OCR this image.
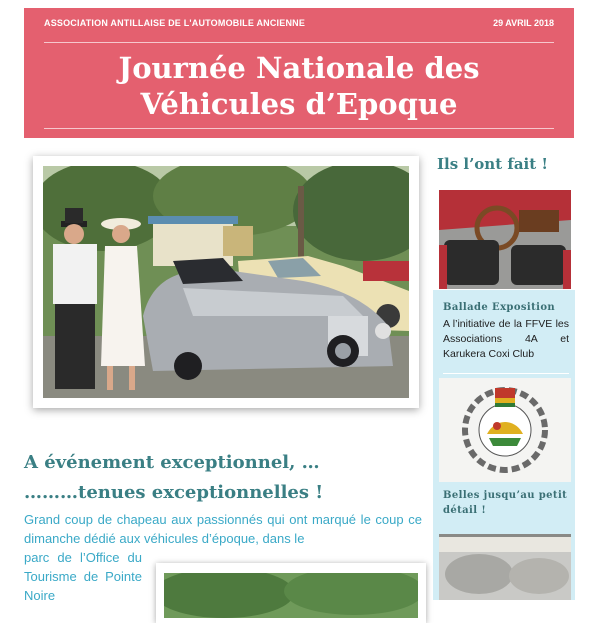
ASSOCIATION ANTILLAISE DE L'AUTOMOBILE ANCIENNE	29 AVRIL 2018
Journée Nationale des
Véhicules d’Epoque
A événement exceptionnel, …
………tenues exceptionnelles !
Grand coup de chapeau aux passionnés qui ont marqué le coup ce dimanche dédié aux véhicules d’époque, dans le
parc de l’Office du Tourisme de Pointe Noire
Ils l’ont fait !
Ballade Exposition
A l’initiative de la FFVE les Associations 4A et Karukera Coxi Club
Belles jusqu’au petit détail !
